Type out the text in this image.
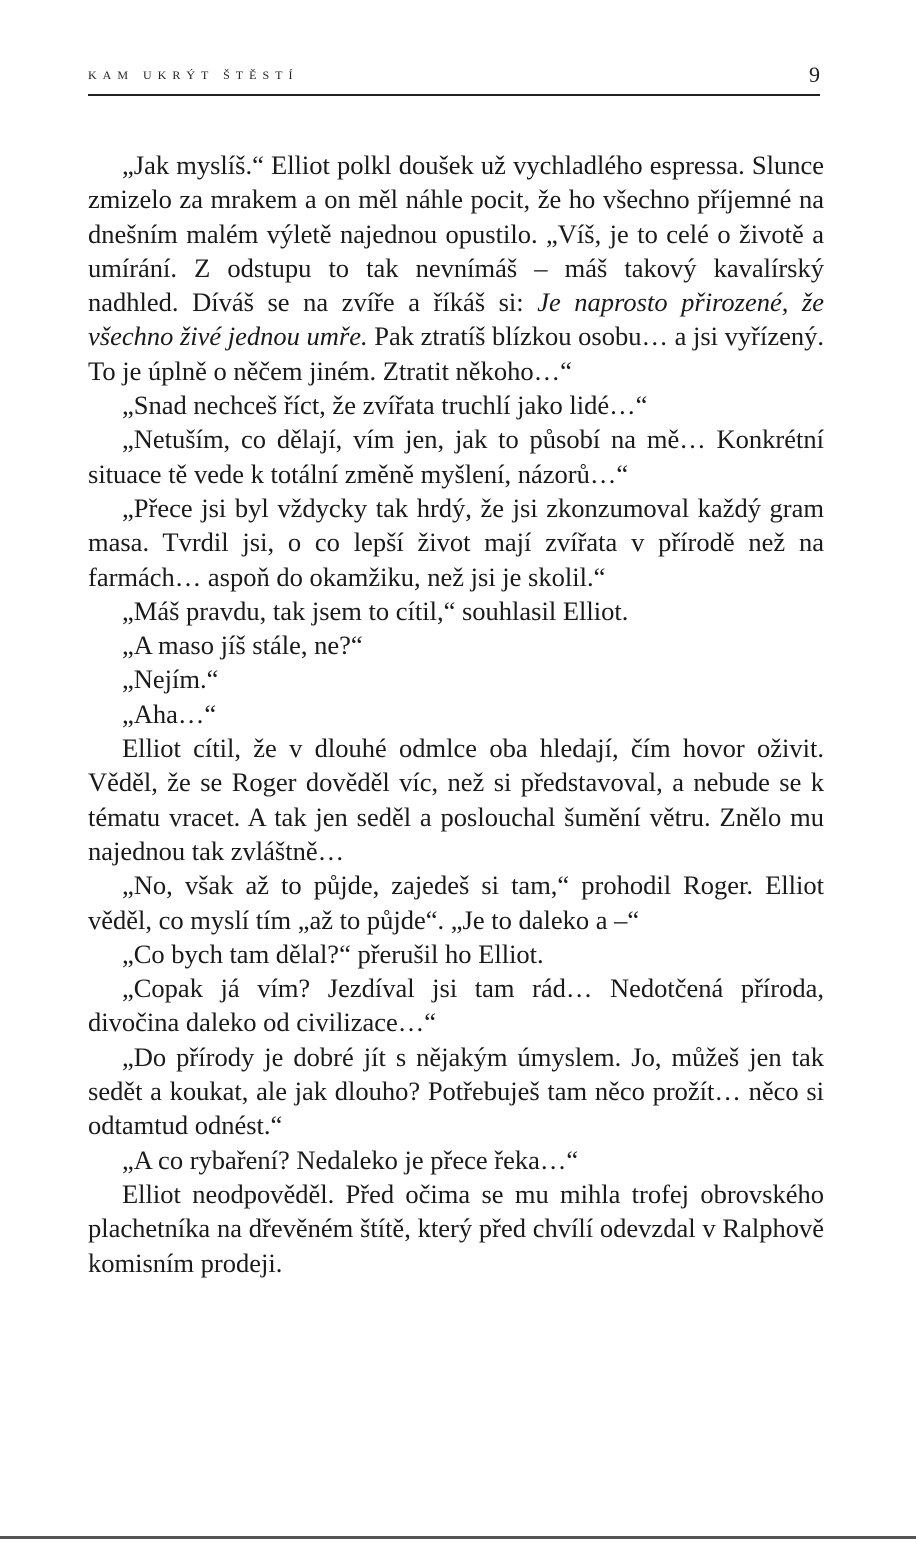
KAM UKRÝT ŠTĚSTÍ	9

„Jak myslíš.“ Elliot polkl doušek už vychladlého espressa. Slunce zmizelo za mrakem a on měl náhle pocit, že ho všechno příjemné na dnešním malém výletě najednou opustilo. „Víš, je to celé o životě a umírání. Z odstupu to tak nevnímáš – máš takový kavalírský nadhled. Díváš se na zvíře a říkáš si: Je naprosto přirozené, že všechno živé jednou umře. Pak ztratíš blízkou osobu… a jsi vyřízený. To je úplně o něčem jiném. Ztratit někoho…“

„Snad nechceš říct, že zvířata truchlí jako lidé…“

„Netuším, co dělají, vím jen, jak to působí na mě… Konkrétní situace tě vede k totální změně myšlení, názorů…“

„Přece jsi byl vždycky tak hrdý, že jsi zkonzumoval každý gram masa. Tvrdil jsi, o co lepší život mají zvířata v přírodě než na farmách… aspoň do okamžiku, než jsi je skolil.“

„Máš pravdu, tak jsem to cítil,“ souhlasil Elliot.

„A maso jíš stále, ne?“

„Nejím.“

„Aha…“

Elliot cítil, že v dlouhé odmlce oba hledají, čím hovor oživit. Věděl, že se Roger dověděl víc, než si představoval, a nebude se k tématu vracet. A tak jen seděl a poslouchal šumění větru. Znělo mu najednou tak zvláštně…

„No, však až to půjde, zajedeš si tam,“ prohodil Roger. Elliot věděl, co myslí tím „až to půjde“. „Je to daleko a –“

„Co bych tam dělal?“ přerušil ho Elliot.

„Copak já vím? Jezdíval jsi tam rád… Nedotčená příroda, divočina daleko od civilizace…“

„Do přírody je dobré jít s nějakým úmyslem. Jo, můžeš jen tak sedět a koukat, ale jak dlouho? Potřebuješ tam něco prožít… něco si odtamtud odnést.“

„A co rybaření? Nedaleko je přece řeka…“

Elliot neodpověděl. Před očima se mu mihla trofej obrovského plachetníka na dřevěném štítě, který před chvílí odevzdal v Ralphově komisním prodeji.
